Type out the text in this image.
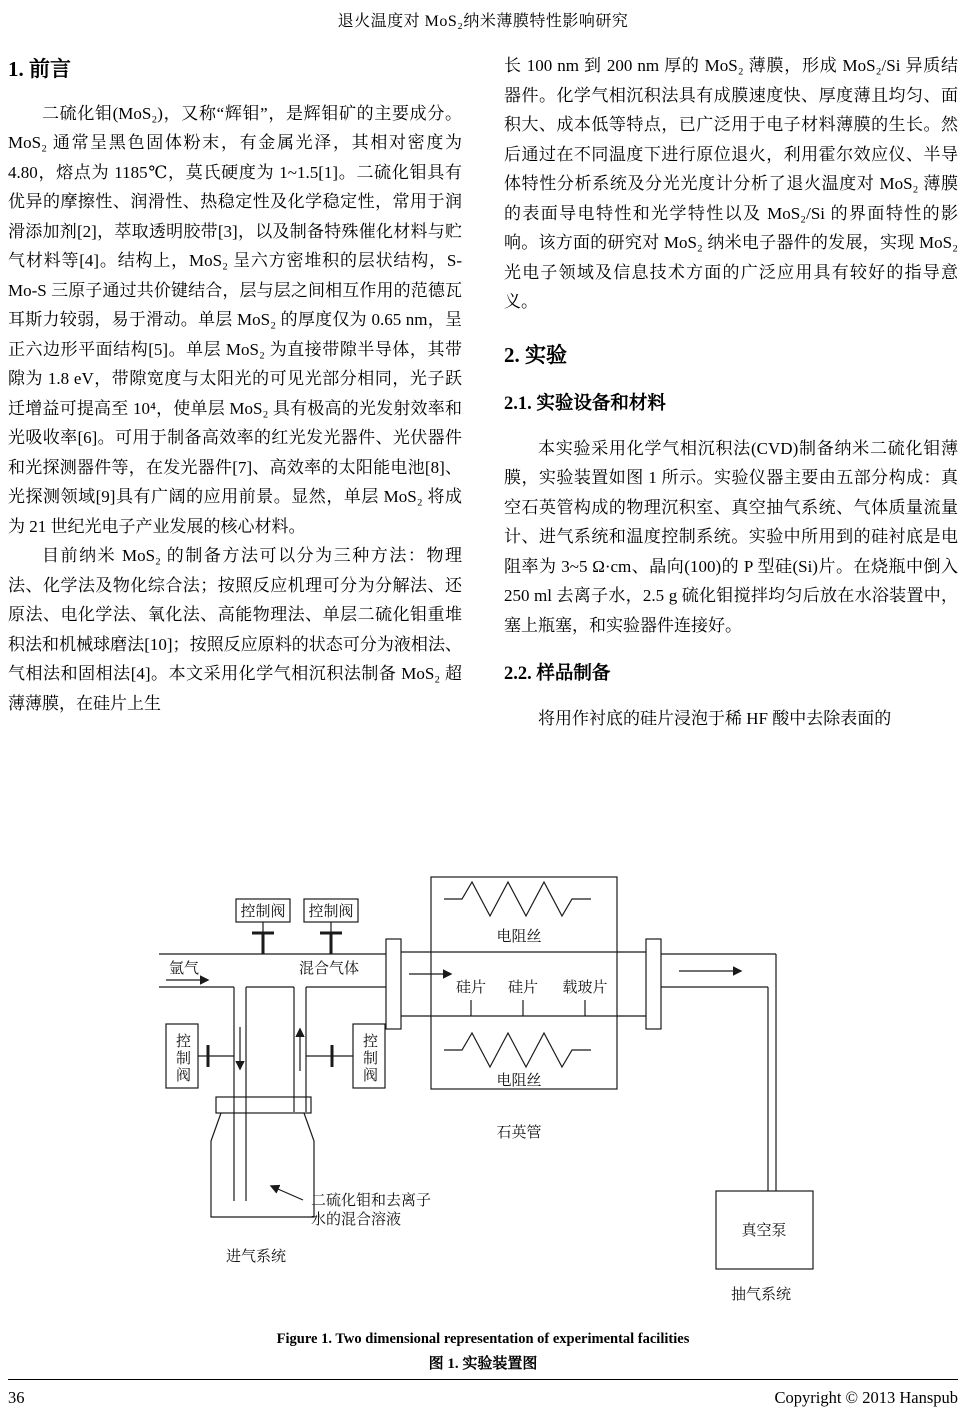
退火温度对 MoS₂纳米薄膜特性影响研究
1. 前言

二硫化钼(MoS₂)，又称“辉钼”，是辉钼矿的主要成分。MoS₂ 通常呈黑色固体粉末，有金属光泽，其相对密度为 4.80，熔点为 1185℃，莫氏硬度为 1~1.5[1]。二硫化钼具有优异的摩擦性、润滑性、热稳定性及化学稳定性，常用于润滑添加剂[2]，萃取透明胶带[3]，以及制备特殊催化材料与贮气材料等[4]。结构上，MoS₂ 呈六方密堆积的层状结构，S-Mo-S 三原子通过共价键结合，层与层之间相互作用的范德瓦耳斯力较弱，易于滑动。单层 MoS₂ 的厚度仅为 0.65 nm，呈正六边形平面结构[5]。单层 MoS₂ 为直接带隙半导体，其带隙为 1.8 eV，带隙宽度与太阳光的可见光部分相同，光子跃迁增益可提高至 10⁴，使单层 MoS₂ 具有极高的光发射效率和光吸收率[6]。可用于制备高效率的红光发光器件、光伏器件和光探测器件等，在发光器件[7]、高效率的太阳能电池[8]、光探测领域[9]具有广阔的应用前景。显然，单层 MoS₂ 将成为 21 世纪光电子产业发展的核心材料。

目前纳米 MoS₂ 的制备方法可以分为三种方法：物理法、化学法及物化综合法；按照反应机理可分为分解法、还原法、电化学法、氧化法、高能物理法、单层二硫化钼重堆积法和机械球磨法[10]；按照反应原料的状态可分为液相法、气相法和固相法[4]。本文采用化学气相沉积法制备 MoS₂ 超薄薄膜，在硅片上生

长 100 nm 到 200 nm 厚的 MoS₂ 薄膜，形成 MoS₂/Si 异质结器件。化学气相沉积法具有成膜速度快、厚度薄且均匀、面积大、成本低等特点，已广泛用于电子材料薄膜的生长。然后通过在不同温度下进行原位退火，利用霍尔效应仪、半导体特性分析系统及分光光度计分析了退火温度对 MoS₂ 薄膜的表面导电特性和光学特性以及 MoS₂/Si 的界面特性的影响。该方面的研究对 MoS₂ 纳米电子器件的发展，实现 MoS₂ 光电子领域及信息技术方面的广泛应用具有较好的指导意义。

2. 实验
2.1. 实验设备和材料

本实验采用化学气相沉积法(CVD)制备纳米二硫化钼薄膜，实验装置如图 1 所示。实验仪器主要由五部分构成：真空石英管构成的物理沉积室、真空抽气系统、气体质量流量计、进气系统和温度控制系统。实验中所用到的硅衬底是电阻率为 3~5 Ω·cm、晶向(100)的 P 型硅(Si)片。在烧瓶中倒入 250 ml 去离子水，2.5 g 硫化钼搅拌均匀后放在水浴装置中，塞上瓶塞，和实验器件连接好。

2.2. 样品制备

将用作衬底的硅片浸泡于稀 HF 酸中去除表面的

控制阀 控制阀
氩气	混合气体
电阻丝
电阻丝
硅片 硅片 载玻片
控制阀	控制阀
石英管
真空泵
二硫化钼和去离子
水的混合溶液
进气系统
抽气系统
Figure 1. Two dimensional representation of experimental facilities
图 1. 实验装置图
36	Copyright © 2013 Hanspub
